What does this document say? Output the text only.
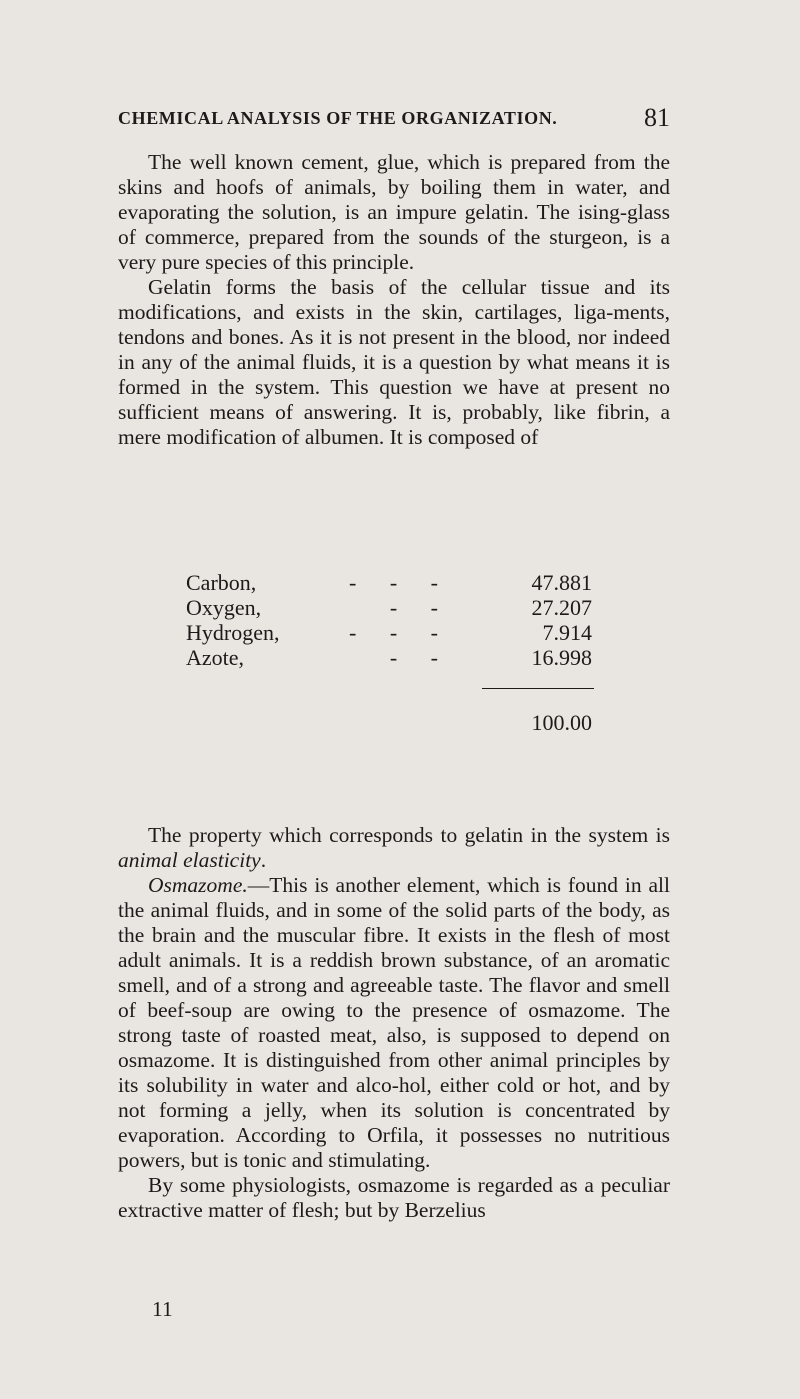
CHEMICAL ANALYSIS OF THE ORGANIZATION.	81

The well known cement, glue, which is prepared from the skins and hoofs of animals, by boiling them in water, and evaporating the solution, is an impure gelatin. The ising-glass of commerce, prepared from the sounds of the sturgeon, is a very pure species of this principle.

Gelatin forms the basis of the cellular tissue and its modifications, and exists in the skin, cartilages, liga-ments, tendons and bones. As it is not present in the blood, nor indeed in any of the animal fluids, it is a question by what means it is formed in the system. This question we have at present no sufficient means of answering. It is, probably, like fibrin, a mere modification of albumen. It is composed of

Carbon,	- - -	47.881
Oxygen,	- -	27.207
Hydrogen,	- - -	7.914
Azote,	- -	16.998
100.00

The property which corresponds to gelatin in the system is animal elasticity.

Osmazome.—This is another element, which is found in all the animal fluids, and in some of the solid parts of the body, as the brain and the muscular fibre. It exists in the flesh of most adult animals. It is a reddish brown substance, of an aromatic smell, and of a strong and agreeable taste. The flavor and smell of beef-soup are owing to the presence of osmazome. The strong taste of roasted meat, also, is supposed to depend on osmazome. It is distinguished from other animal principles by its solubility in water and alco-hol, either cold or hot, and by not forming a jelly, when its solution is concentrated by evaporation. According to Orfila, it possesses no nutritious powers, but is tonic and stimulating.

By some physiologists, osmazome is regarded as a peculiar extractive matter of flesh; but by Berzelius

11
